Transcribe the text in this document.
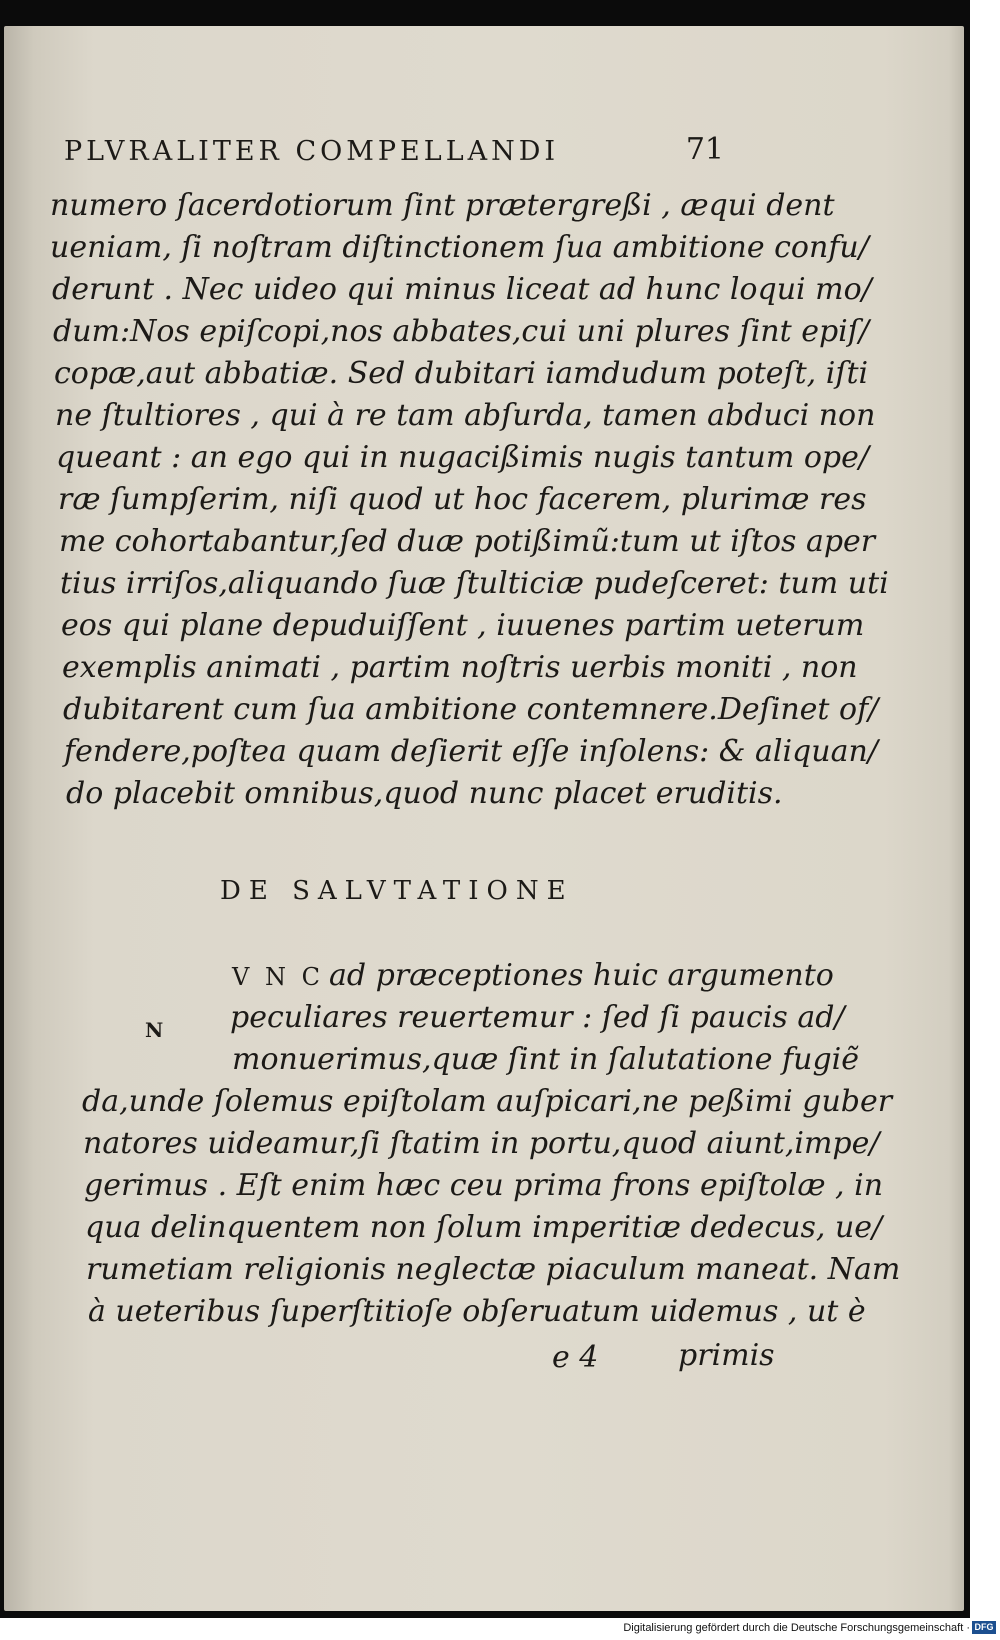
PLVRALITER COMPELLANDI	71
numero ſacerdotiorum ſint prætergreßi , æqui dent
ueniam, ſi noſtram diſtinctionem ſua ambitione confu/
derunt . Nec uideo qui minus liceat ad hunc loqui mo/
dum:Nos epiſcopi,nos abbates,cui uni plures ſint epiſ/
copæ,aut abbatiæ. Sed dubitari iamdudum poteſt, iſti
ne ſtultiores , qui à re tam abſurda, tamen abduci non
queant : an ego qui in nugacißimis nugis tantum ope/
ræ ſumpſerim, niſi quod ut hoc facerem, plurimæ res
me cohortabantur,ſed duæ potißimũ:tum ut iſtos aper
tius irriſos,aliquando ſuæ ſtulticiæ pudeſceret: tum uti
eos qui plane depuduiſſent , iuuenes partim ueterum
exemplis animati , partim noſtris uerbis moniti , non
dubitarent cum ſua ambitione contemnere.Deſinet of/
fendere,poſtea quam deſierit eſſe inſolens: & aliquan/
do placebit omnibus,quod nunc placet eruditis.
DE SALVTATIONE
N
V N C ad præceptiones huic argumento
peculiares reuertemur : ſed ſi paucis ad/
monuerimus,quæ ſint in ſalutatione fugiẽ
da,unde ſolemus epiſtolam auſpicari,ne peßimi guber
natores uideamur,ſi ſtatim in portu,quod aiunt,impe/
gerimus . Eſt enim hæc ceu prima frons epiſtolæ , in
qua delinquentem non ſolum imperitiæ dedecus, ue/
rumetiam religionis neglectæ piaculum maneat. Nam
à ueteribus ſuperſtitioſe obſeruatum uidemus , ut è
e 4	primis
Digitalisierung gefördert durch die Deutsche Forschungsgemeinschaft · DFG
